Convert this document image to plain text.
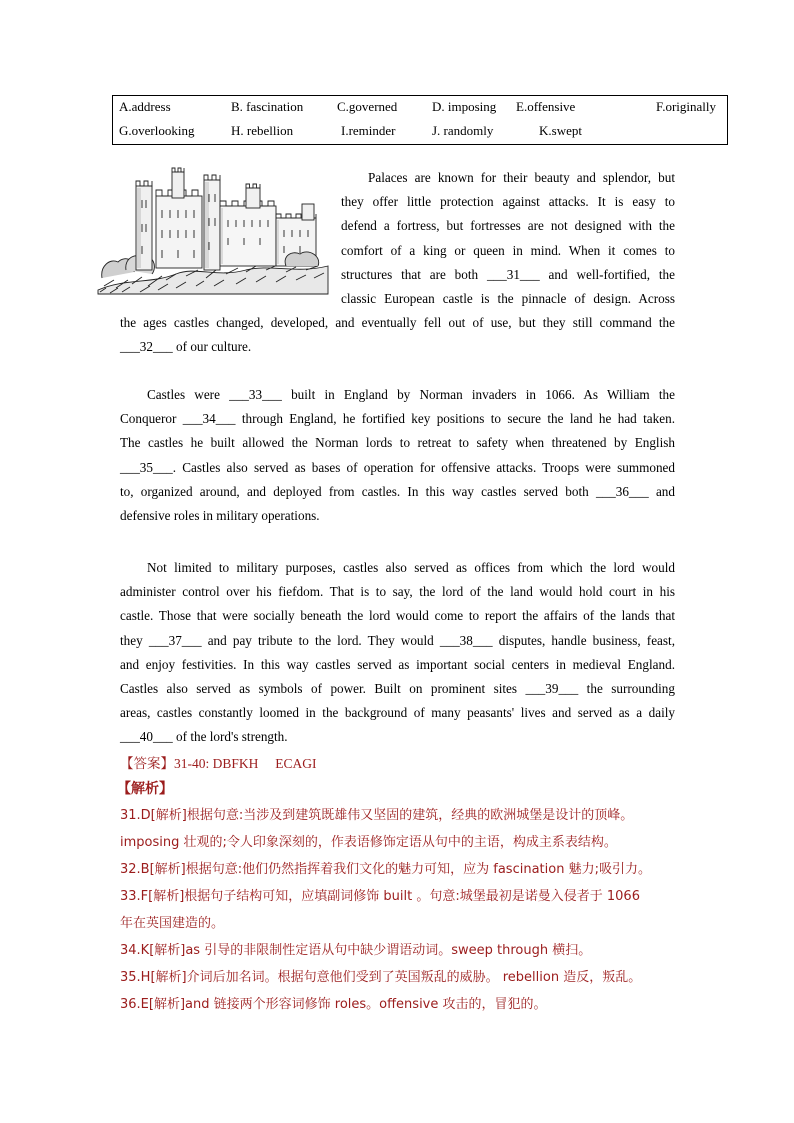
A.address	B. fascination	C.governed	D. imposing E.offensive	F.originally
G.overlooking	H. rebellion	I.reminder	J. randomly	K.swept
Palaces are known for their beauty and splendor, but
they offer little protection against attacks. It is easy to
defend a fortress, but fortresses are not designed with the
comfort of a king or queen in mind. When it comes to
structures that are both ___31___ and well-fortified, the
classic European castle is the pinnacle of design. Across
the ages castles changed, developed, and eventually fell out of use, but they still command the
___32___ of our culture.
Castles were ___33___ built in England by Norman invaders in 1066. As William the
Conqueror ___34___ through England, he fortified key positions to secure the land he had taken.
The castles he built allowed the Norman lords to retreat to safety when threatened by English
___35___. Castles also served as bases of operation for offensive attacks. Troops were summoned
to, organized around, and deployed from castles. In this way castles served both ___36___ and
defensive roles in military operations.
Not limited to military purposes, castles also served as offices from which the lord would
administer control over his fiefdom. That is to say, the lord of the land would hold court in his
castle. Those that were socially beneath the lord would come to report the affairs of the lands that
they ___37___ and pay tribute to the lord. They would ___38___ disputes, handle business, feast,
and enjoy festivities. In this way castles served as important social centers in medieval England.
Castles also served as symbols of power. Built on prominent sites ___39___ the surrounding
areas, castles constantly loomed in the background of many peasants' lives and served as a daily
___40___ of the lord's strength.
【答案】31-40: DBFKH     ECAGI
【解析】
31.D[解析]根据句意:当涉及到建筑既雄伟又坚固的建筑，经典的欧洲城堡是设计的顶峰。
imposing 壮观的;令人印象深刻的，作表语修饰定语从句中的主语，构成主系表结构。
32.B[解析]根据句意:他们仍然指挥着我们文化的魅力可知，应为 fascination 魅力;吸引力。
33.F[解析]根据句子结构可知，应填副词修饰 built 。句意:城堡最初是诺曼入侵者于 1066
年在英国建造的。
34.K[解析]as 引导的非限制性定语从句中缺少谓语动词。sweep through 横扫。
35.H[解析]介词后加名词。根据句意他们受到了英国叛乱的威胁。 rebellion 造反，叛乱。
36.E[解析]and 链接两个形容词修饰 roles。offensive 攻击的，冒犯的。
